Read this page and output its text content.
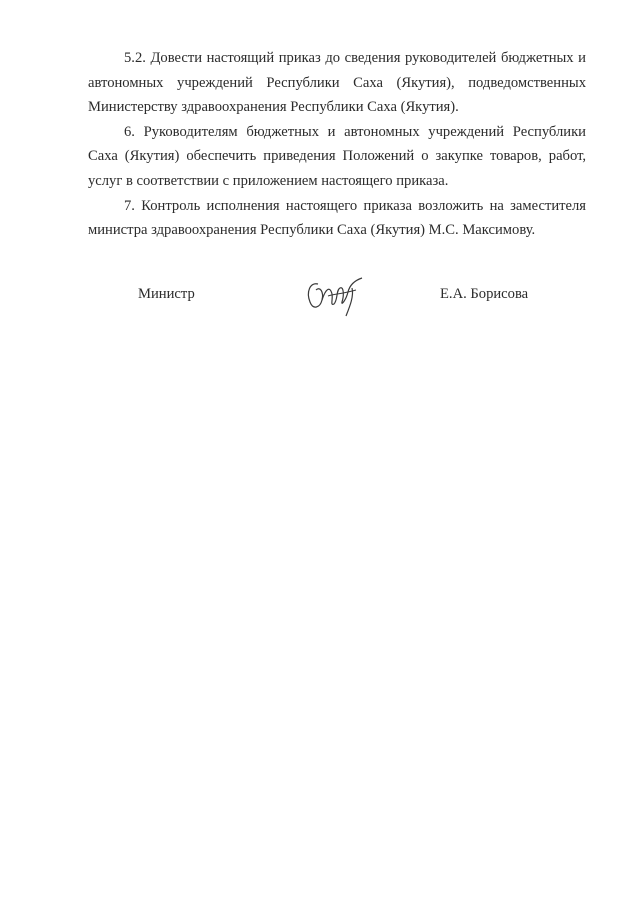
5.2. Довести настоящий приказ до сведения руководителей бюджетных и автономных учреждений Республики Саха (Якутия), подведомственных Министерству здравоохранения Республики Саха (Якутия).

6. Руководителям бюджетных и автономных учреждений Республики Саха (Якутия) обеспечить приведения Положений о закупке товаров, работ, услуг в соответствии с приложением настоящего приказа.

7. Контроль исполнения настоящего приказа возложить на заместителя министра здравоохранения Республики Саха (Якутия) М.С. Максимову.

Министр	Е.А. Борисова
